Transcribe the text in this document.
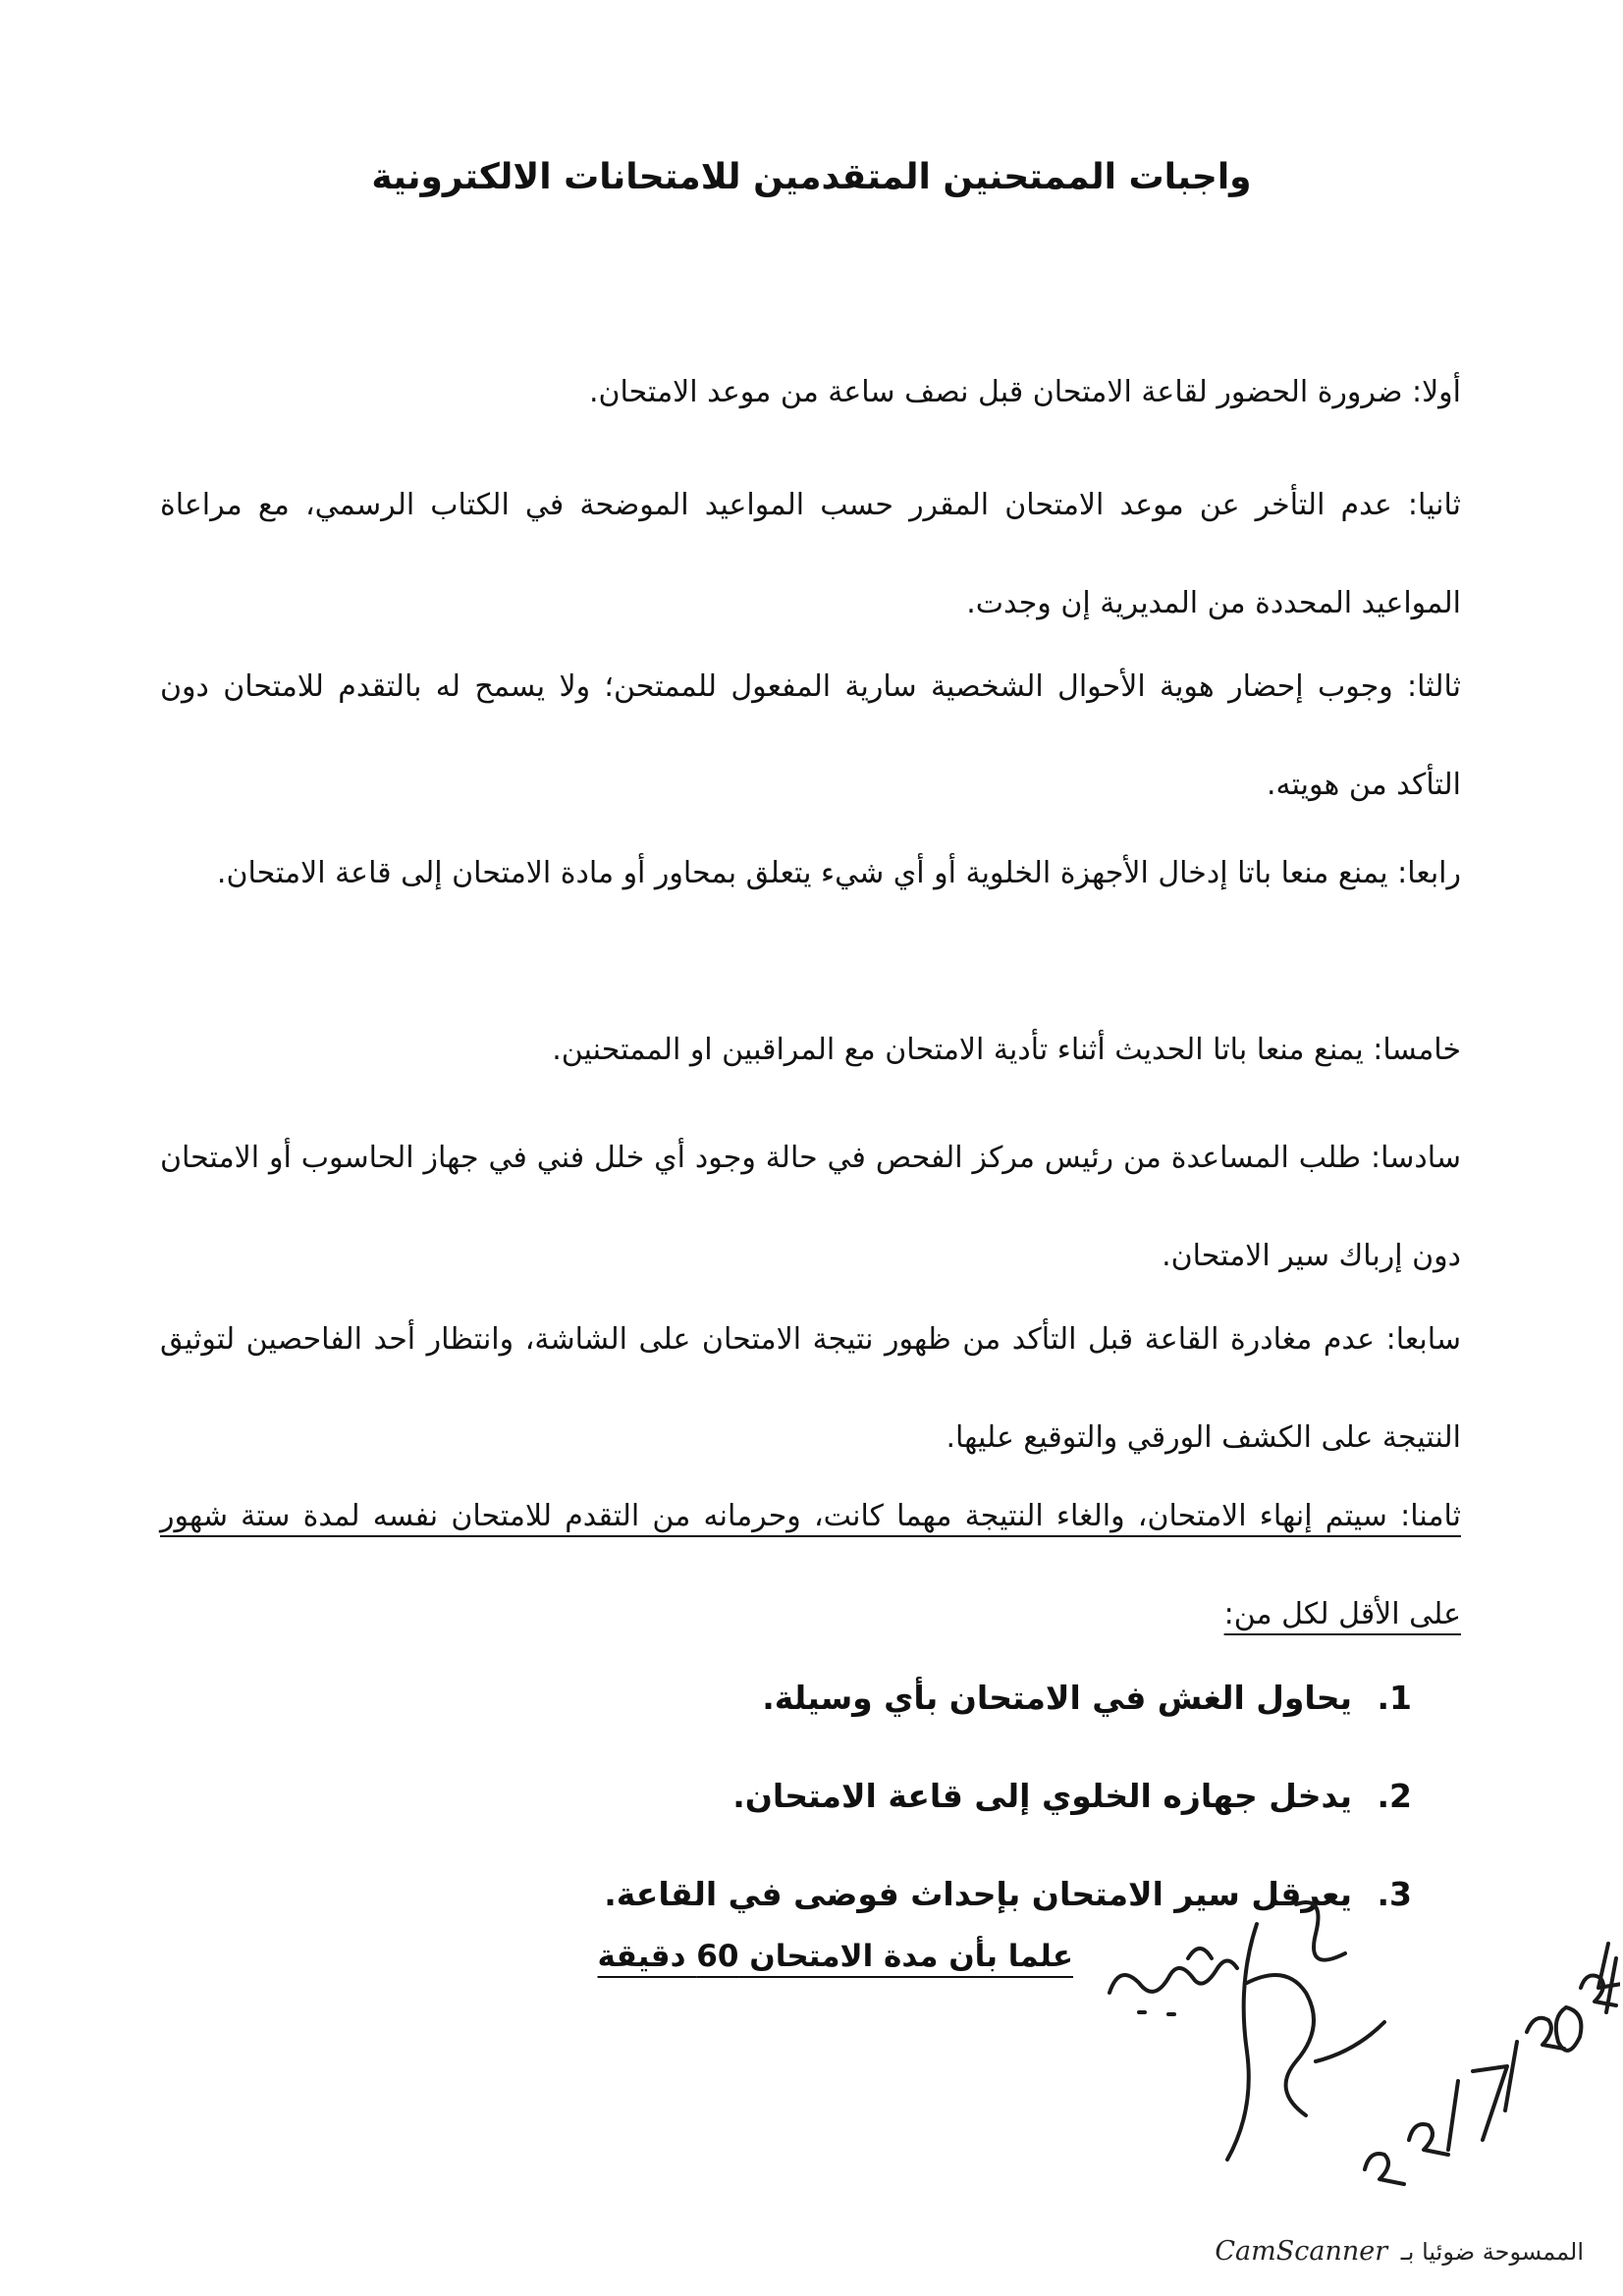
واجبات الممتحنين المتقدمين للامتحانات الالكترونية
أولا: ضرورة الحضور لقاعة الامتحان قبل نصف ساعة من موعد الامتحان.
ثانيا: عدم التأخر عن موعد الامتحان المقرر حسب المواعيد الموضحة في الكتاب الرسمي، مع مراعاة المواعيد المحددة من المديرية إن وجدت.
ثالثا: وجوب إحضار هوية الأحوال الشخصية سارية المفعول للممتحن؛ ولا يسمح له بالتقدم للامتحان دون التأكد من هويته.
رابعا: يمنع منعا باتا إدخال الأجهزة الخلوية أو أي شيء يتعلق بمحاور أو مادة الامتحان إلى قاعة الامتحان.
خامسا: يمنع منعا باتا الحديث أثناء تأدية الامتحان مع المراقبين او الممتحنين.
سادسا: طلب المساعدة من رئيس مركز الفحص في حالة وجود أي خلل فني في جهاز الحاسوب أو الامتحان دون إرباك سير الامتحان.
سابعا: عدم مغادرة القاعة قبل التأكد من ظهور نتيجة الامتحان على الشاشة، وانتظار أحد الفاحصين لتوثيق النتيجة على الكشف الورقي والتوقيع عليها.
ثامنا: سيتم إنهاء الامتحان، والغاء النتيجة مهما كانت، وحرمانه من التقدم للامتحان نفسه لمدة ستة شهور على الأقل لكل من:
1. يحاول الغش في الامتحان بأي وسيلة.
2. يدخل جهازه الخلوي إلى قاعة الامتحان.
3. يعرقل سير الامتحان بإحداث فوضى في القاعة.
علما بأن مدة الامتحان 60 دقيقة
الممسوحة ضوئيا بـ CamScanner
